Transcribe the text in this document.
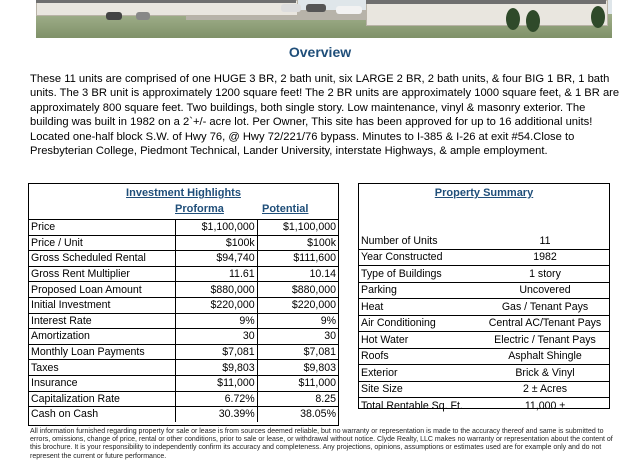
Overview
These 11 units are comprised of one HUGE 3 BR, 2 bath unit, six LARGE 2 BR, 2 bath units, & four BIG 1 BR, 1 bath units. The 3 BR unit is approximately 1200 square feet! The 2 BR units are approximately 1000 square feet, & 1 BR are approximately 800 square feet. Two buildings, both single story. Low maintenance, vinyl & masonry exterior. The building was built in 1982 on a 2`+/- acre lot. Per Owner, This site has been approved for up to 16 additional units! Located one-half block S.W. of Hwy 76, @ Hwy 72/221/76 bypass. Minutes to I-385 & I-26 at exit #54.Close to Presbyterian College, Piedmont Technical, Lander University, interstate Highways, & ample employment.
Investment Highlights
Proforma	Potential
Price	$1,100,000	$1,100,000
Price / Unit	$100k	$100k
Gross Scheduled Rental	$94,740	$111,600
Gross Rent Multiplier	11.61	10.14
Proposed Loan Amount	$880,000	$880,000
Initial Investment	$220,000	$220,000
Interest Rate	9%	9%
Amortization	30	30
Monthly Loan Payments	$7,081	$7,081
Taxes	$9,803	$9,803
Insurance	$11,000	$11,000
Capitalization Rate	6.72%	8.25
Cash on Cash	30.39%	38.05%
Property Summary
Number of Units	11
Year Constructed	1982
Type of Buildings	1 story
Parking	Uncovered
Heat	Gas / Tenant Pays
Air Conditioning	Central AC/Tenant Pays
Hot Water	Electric / Tenant Pays
Roofs	Asphalt Shingle
Exterior	Brick & Vinyl
Site Size	2 ± Acres
Total Rentable Sq. Ft.	11,000 ±
All information furnished regarding property for sale or lease is from sources deemed reliable, but no warranty or representation is made to the accuracy thereof and same is submitted to errors, omissions, change of price, rental or other conditions, prior to sale or lease, or withdrawal without notice. Clyde Realty, LLC makes no warranty or representation about the content of this brochure. It is your responsibility to independently confirm its accuracy and completeness. Any projections, opinions, assumptions or estimates used are for example only and do not represent the current or future performance.
